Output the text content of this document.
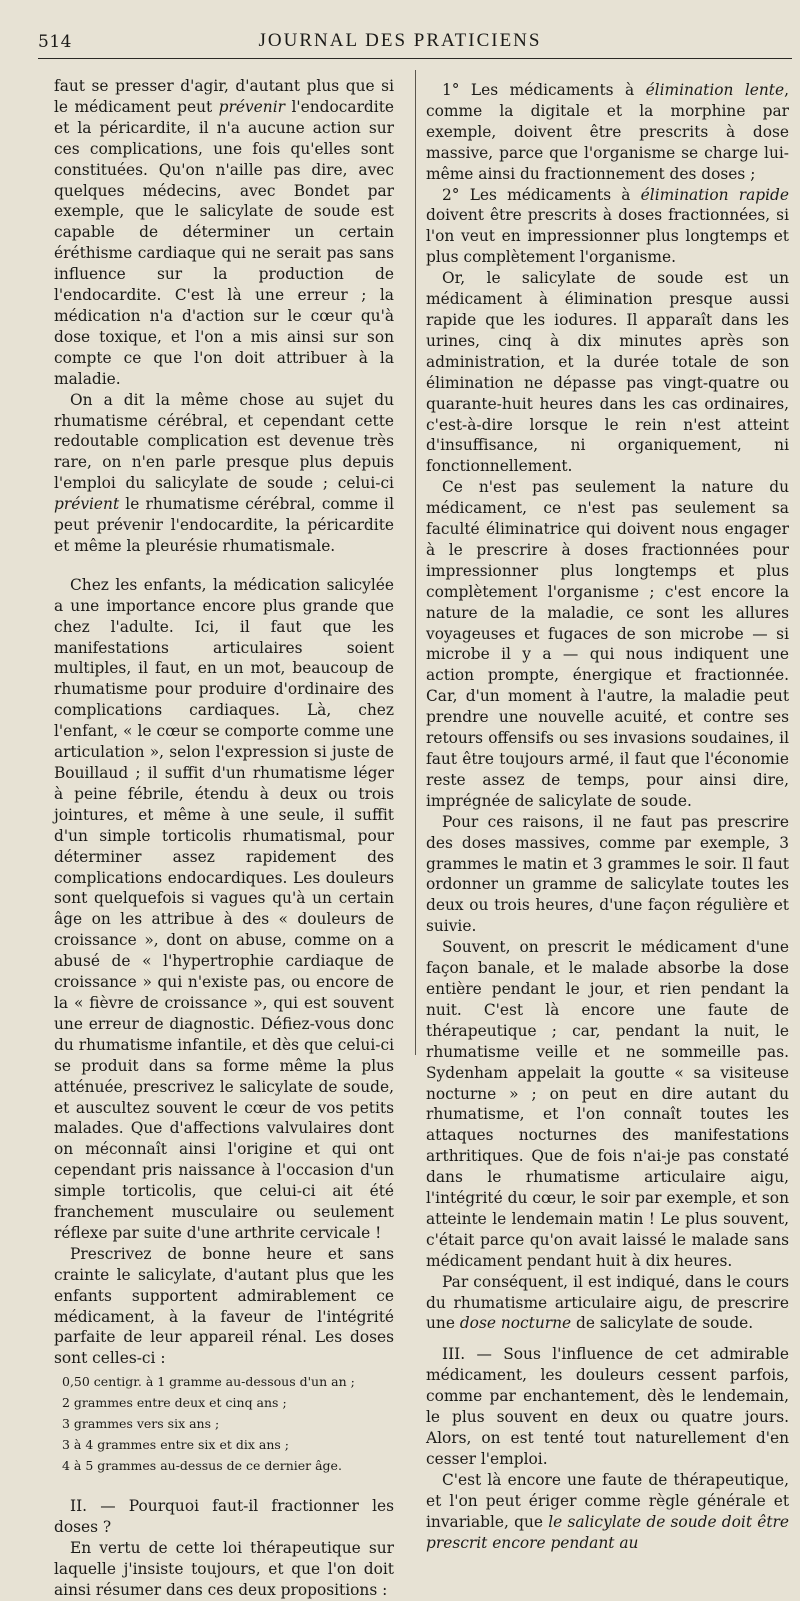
514	JOURNAL DES PRATICIENS

faut se presser d'agir, d'autant plus que si le médicament peut prévenir l'endocardite et la péricardite, il n'a aucune action sur ces complications, une fois qu'elles sont constituées. Qu'on n'aille pas dire, avec quelques médecins, avec Bondet par exemple, que le salicylate de soude est capable de déterminer un certain éréthisme cardiaque qui ne serait pas sans influence sur la production de l'endocardite. C'est là une erreur ; la médication n'a d'action sur le cœur qu'à dose toxique, et l'on a mis ainsi sur son compte ce que l'on doit attribuer à la maladie.

On a dit la même chose au sujet du rhumatisme cérébral, et cependant cette redoutable complication est devenue très rare, on n'en parle presque plus depuis l'emploi du salicylate de soude ; celui-ci prévient le rhumatisme cérébral, comme il peut prévenir l'endocardite, la péricardite et même la pleurésie rhumatismale.

Chez les enfants, la médication salicylée a une importance encore plus grande que chez l'adulte. Ici, il faut que les manifestations articulaires soient multiples, il faut, en un mot, beaucoup de rhumatisme pour produire d'ordinaire des complications cardiaques. Là, chez l'enfant, « le cœur se comporte comme une articulation », selon l'expression si juste de Bouillaud ; il suffit d'un rhumatisme léger à peine fébrile, étendu à deux ou trois jointures, et même à une seule, il suffit d'un simple torticolis rhumatismal, pour déterminer assez rapidement des complications endocardiques. Les douleurs sont quelquefois si vagues qu'à un certain âge on les attribue à des « douleurs de croissance », dont on abuse, comme on a abusé de « l'hypertrophie cardiaque de croissance » qui n'existe pas, ou encore de la « fièvre de croissance », qui est souvent une erreur de diagnostic. Défiez-vous donc du rhumatisme infantile, et dès que celui-ci se produit dans sa forme même la plus atténuée, prescrivez le salicylate de soude, et auscultez souvent le cœur de vos petits malades. Que d'affections valvulaires dont on méconnaît ainsi l'origine et qui ont cependant pris naissance à l'occasion d'un simple torticolis, que celui-ci ait été franchement musculaire ou seulement réflexe par suite d'une arthrite cervicale !

Prescrivez de bonne heure et sans crainte le salicylate, d'autant plus que les enfants supportent admirablement ce médicament, à la faveur de l'intégrité parfaite de leur appareil rénal. Les doses sont celles-ci :

0,50 centigr. à 1 gramme au-dessous d'un an ;
2 grammes entre deux et cinq ans ;
3 grammes vers six ans ;
3 à 4 grammes entre six et dix ans ;
4 à 5 grammes au-dessus de ce dernier âge.

II. — Pourquoi faut-il fractionner les doses ?

En vertu de cette loi thérapeutique sur laquelle j'insiste toujours, et que l'on doit ainsi résumer dans ces deux propositions :

1° Les médicaments à élimination lente, comme la digitale et la morphine par exemple, doivent être prescrits à dose massive, parce que l'organisme se charge lui-même ainsi du fractionnement des doses ;

2° Les médicaments à élimination rapide doivent être prescrits à doses fractionnées, si l'on veut en impressionner plus longtemps et plus complètement l'organisme.

Or, le salicylate de soude est un médicament à élimination presque aussi rapide que les iodures. Il apparaît dans les urines, cinq à dix minutes après son administration, et la durée totale de son élimination ne dépasse pas vingt-quatre ou quarante-huit heures dans les cas ordinaires, c'est-à-dire lorsque le rein n'est atteint d'insuffisance, ni organiquement, ni fonctionnellement.

Ce n'est pas seulement la nature du médicament, ce n'est pas seulement sa faculté éliminatrice qui doivent nous engager à le prescrire à doses fractionnées pour impressionner plus longtemps et plus complètement l'organisme ; c'est encore la nature de la maladie, ce sont les allures voyageuses et fugaces de son microbe — si microbe il y a — qui nous indiquent une action prompte, énergique et fractionnée. Car, d'un moment à l'autre, la maladie peut prendre une nouvelle acuité, et contre ses retours offensifs ou ses invasions soudaines, il faut être toujours armé, il faut que l'économie reste assez de temps, pour ainsi dire, imprégnée de salicylate de soude.

Pour ces raisons, il ne faut pas prescrire des doses massives, comme par exemple, 3 grammes le matin et 3 grammes le soir. Il faut ordonner un gramme de salicylate toutes les deux ou trois heures, d'une façon régulière et suivie.

Souvent, on prescrit le médicament d'une façon banale, et le malade absorbe la dose entière pendant le jour, et rien pendant la nuit. C'est là encore une faute de thérapeutique ; car, pendant la nuit, le rhumatisme veille et ne sommeille pas. Sydenham appelait la goutte « sa visiteuse nocturne » ; on peut en dire autant du rhumatisme, et l'on connaît toutes les attaques nocturnes des manifestations arthritiques. Que de fois n'ai-je pas constaté dans le rhumatisme articulaire aigu, l'intégrité du cœur, le soir par exemple, et son atteinte le lendemain matin ! Le plus souvent, c'était parce qu'on avait laissé le malade sans médicament pendant huit à dix heures.

Par conséquent, il est indiqué, dans le cours du rhumatisme articulaire aigu, de prescrire une dose nocturne de salicylate de soude.

III. — Sous l'influence de cet admirable médicament, les douleurs cessent parfois, comme par enchantement, dès le lendemain, le plus souvent en deux ou quatre jours. Alors, on est tenté tout naturellement d'en cesser l'emploi.

C'est là encore une faute de thérapeutique, et l'on peut ériger comme règle générale et invariable, que le salicylate de soude doit être prescrit encore pendant au
